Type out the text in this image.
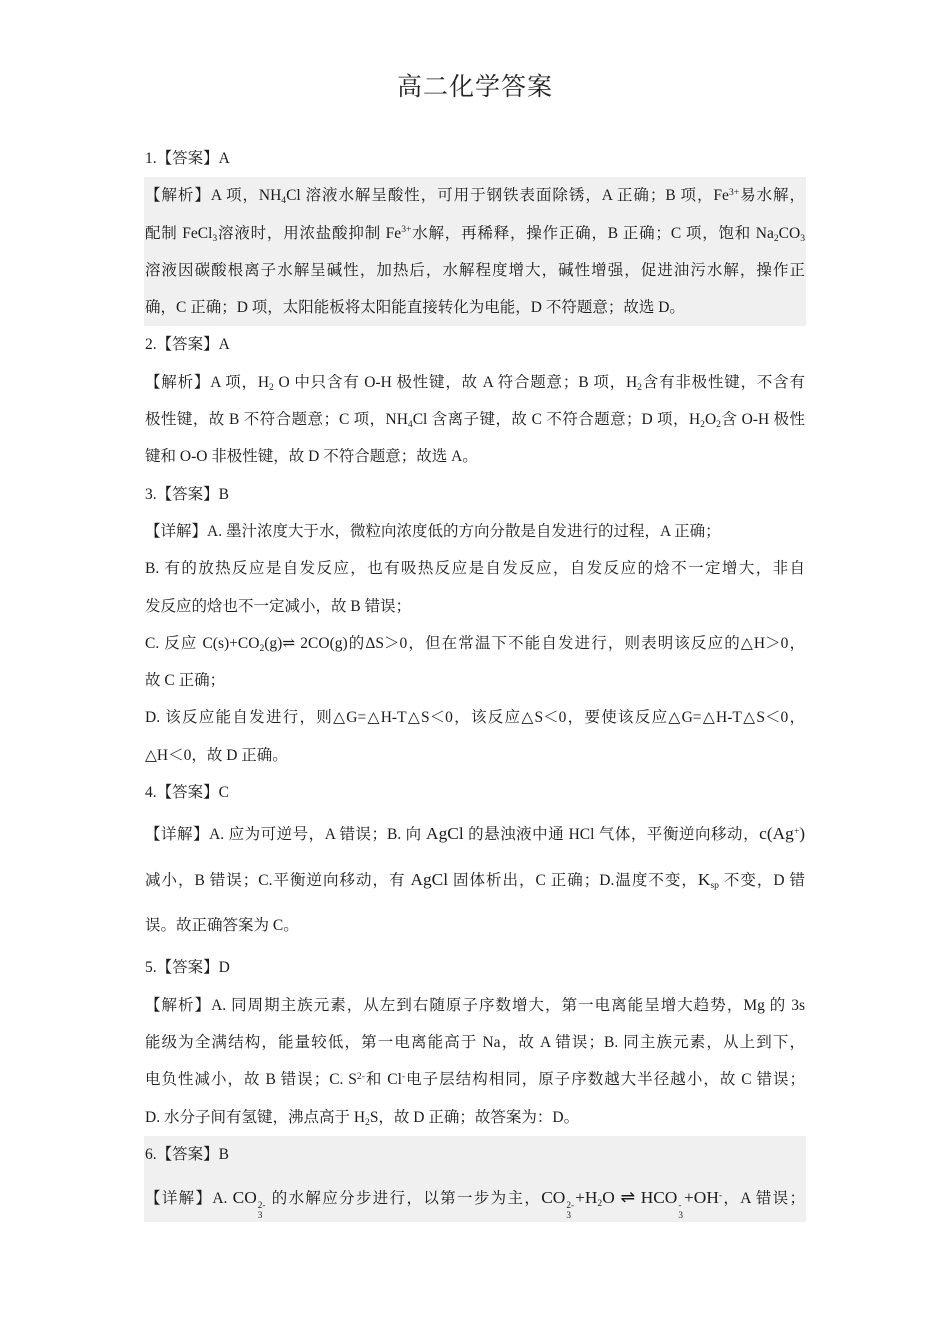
高二化学答案
1.【答案】A
【解析】A 项，$NH_4Cl$ 溶液水解呈酸性，可用于钢铁表面除锈，A 正确；B 项，$Fe^{3+}$易水解，
配制 FeCl$_3$溶液时，用浓盐酸抑制 $Fe^{3+}$水解，再稀释，操作正确，B 正确；C 项，饱和 $Na_2CO_3$
溶液因碳酸根离子水解呈碱性，加热后，水解程度增大，碱性增强，促进油污水解，操作正
确，C 正确；D 项，太阳能板将太阳能直接转化为电能，D 不符题意；故选 D。
2.【答案】A
【解析】A 项，$H_2$ O 中只含有 O-H 极性键，故 A 符合题意；B 项，$H_2$含有非极性键，不含有
极性键，故 B 不符合题意；C 项，$NH_4Cl$ 含离子键，故 C 不符合题意；D 项，$H_2O_2$含 O-H 极性
键和 O-O 非极性键，故 D 不符合题意；故选 A。
3.【答案】B
【详解】A. 墨汁浓度大于水，微粒向浓度低的方向分散是自发进行的过程，A 正确；
B. 有的放热反应是自发反应，也有吸热反应是自发反应，自发反应的焓不一定增大，非自
发反应的焓也不一定减小，故 B 错误；
C. 反应 $C(s)+CO_2(g)\rightleftharpoons$ 2CO(g)的ΔS＞0，但在常温下不能自发进行，则表明该反应的△H＞0，
故 C 正确；
D. 该反应能自发进行，则△G=△H-T△S＜0，该反应△S＜0，要使该反应△G=△H-T△S＜0，
△H＜0，故 D 正确。
4.【答案】C
【详解】A. 应为可逆号，A 错误；B. 向 AgCl 的悬浊液中通 HCl 气体，平衡逆向移动，c(Ag+)
减小，B 错误；C.平衡逆向移动，有 AgCl 固体析出，C 正确；D.温度不变，$K_{sp}$ 不变，D 错
误。故正确答案为 C。
5.【答案】D
【解析】A. 同周期主族元素，从左到右随原子序数增大，第一电离能呈增大趋势，Mg 的 3s
能级为全满结构，能量较低，第一电离能高于 Na，故 A 错误；B. 同主族元素，从上到下，
电负性减小，故 B 错误；C. $S^{2-}$和 Cl-电子层结构相同，原子序数越大半径越小，故 C 错误；
D. 水分子间有氢键，沸点高于 $H_2S$，故 D 正确；故答案为：D。
6.【答案】B
【详解】A. CO 2-
3
的水解应分步进行，以第一步为主，CO 2-
3
$+H_2O$ ⇌ HCO -
3
+OH-，A 错误；
